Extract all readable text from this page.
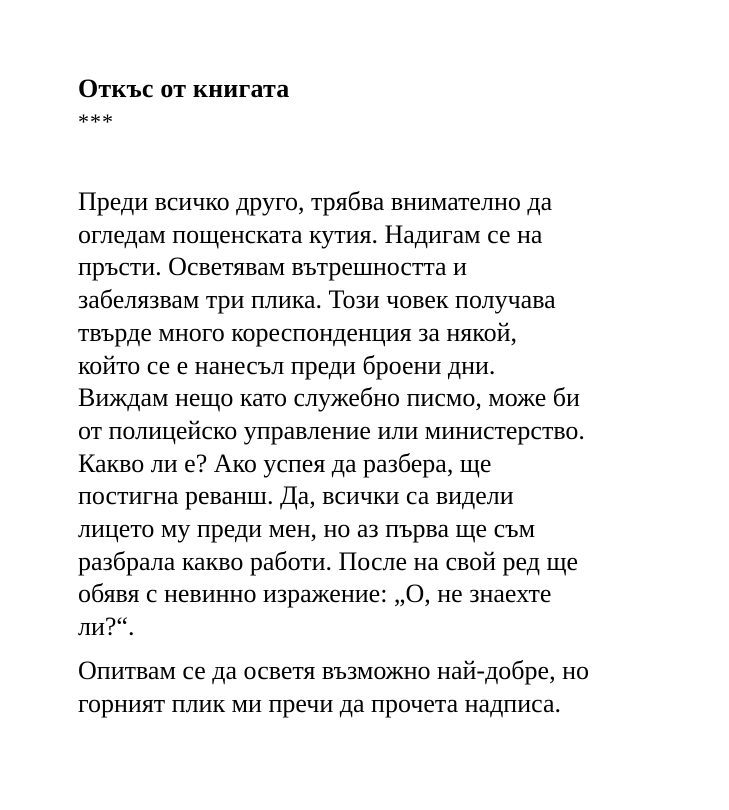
Откъс от книгата
***

Преди всичко друго, трябва внимателно да
огледам пощенската кутия. Надигам се на
пръсти. Осветявам вътрешността и
забелязвам три плика. Този човек получава
твърде много кореспонденция за някой,
който се е нанесъл преди броени дни.
Виждам нещо като служебно писмо, може би
от полицейско управление или министерство.
Какво ли е? Ако успея да разбера, ще
постигна реванш. Да, всички са видели
лицето му преди мен, но аз първа ще съм
разбрала какво работи. После на свой ред ще
обявя с невинно изражение: „О, не знаехте
ли?“.

Опитвам се да осветя възможно най-добре, но
горният плик ми пречи да прочета надписа.
